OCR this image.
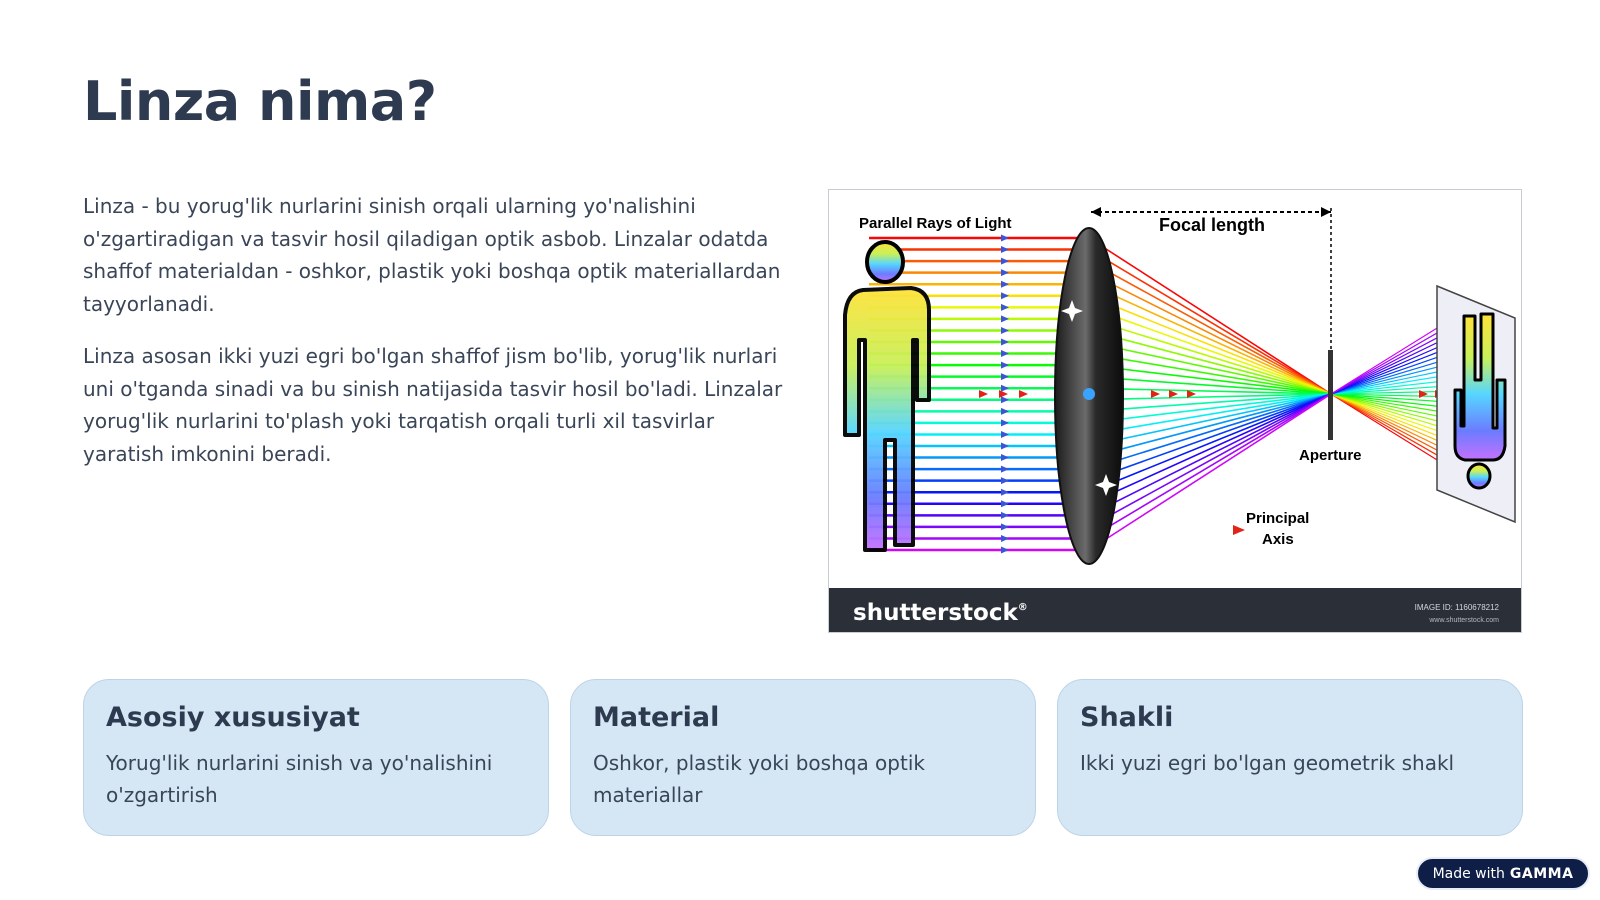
Linza nima?

Linza - bu yorug'lik nurlarini sinish orqali ularning yo'nalishini o'zgartiradigan va tasvir hosil qiladigan optik asbob. Linzalar odatda shaffof materialdan - oshkor, plastik yoki boshqa optik materiallardan tayyorlanadi.

Linza asosan ikki yuzi egri bo'lgan shaffof jism bo'lib, yorug'lik nurlari uni o'tganda sinadi va bu sinish natijasida tasvir hosil bo'ladi. Linzalar yorug'lik nurlarini to'plash yoki tarqatish orqali turli xil tasvirlar yaratish imkonini beradi.

Parallel Rays of Light	Focal length
Aperture
Principal
Axis
shutterstock®	IMAGE ID: 1160678212
www.shutterstock.com
Asosiy xususiyat
Yorug'lik nurlarini sinish va yo'nalishini o'zgartirish
Material
Oshkor, plastik yoki boshqa optik materiallar
Shakli
Ikki yuzi egri bo'lgan geometrik shakl
Made with GAMMA
